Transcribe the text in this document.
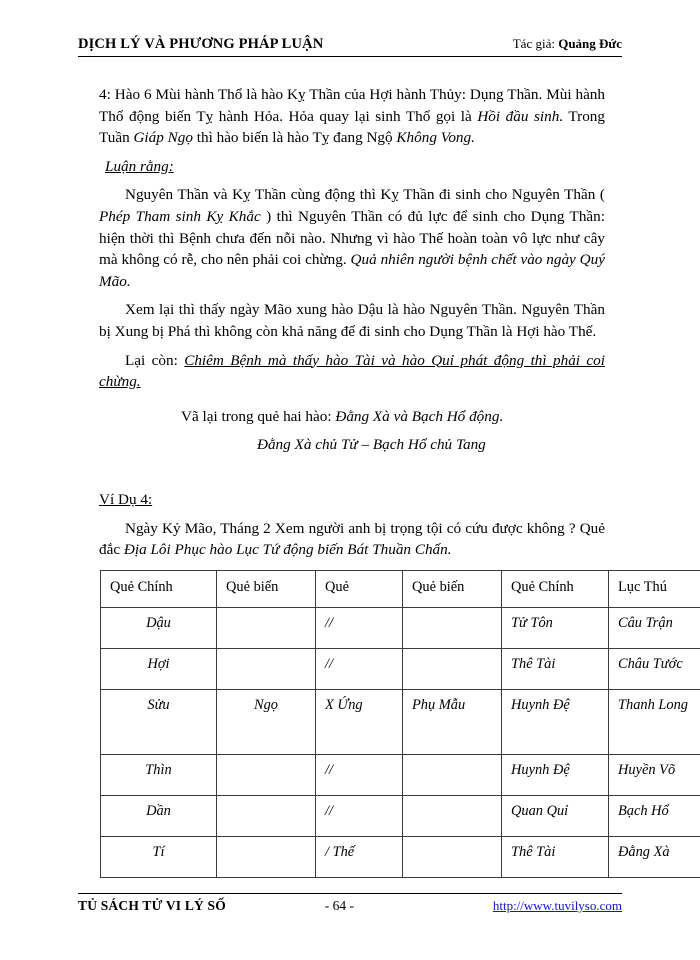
DỊCH LÝ VÀ PHƯƠNG PHÁP LUẬN	Tác giả: Quảng Đức

4: Hào 6 Mùi hành Thổ là hào Kỵ Thần của Hợi hành Thủy: Dụng Thần. Mùi hành Thổ động biến Tỵ hành Hỏa. Hỏa quay lại sinh Thổ gọi là Hồi đầu sinh. Trong Tuần Giáp Ngọ thì hào biến là hào Tỵ đang Ngộ Không Vong.

Luận rằng:

Nguyên Thần và Kỵ Thần cùng động thì Kỵ Thần đi sinh cho Nguyên Thần ( Phép Tham sinh Kỵ Khắc ) thì Nguyên Thần có đủ lực để sinh cho Dụng Thần: hiện thời thì Bệnh chưa đến nỗi nào. Nhưng vì hào Thế hoàn toàn vô lực như cây mà không có rễ, cho nên phải coi chừng. Quả nhiên người bệnh chết vào ngày Quý Mão.

Xem lại thì thấy ngày Mão xung hào Dậu là hào Nguyên Thần. Nguyên Thần bị Xung bị Phá thì không còn khả năng để đi sinh cho Dụng Thần là Hợi hào Thế.

Lại còn: Chiêm Bệnh mà thấy hào Tài và hào Quỉ phát động thì phải coi chừng.

Vã lại trong quẻ hai hào: Đằng Xà và Bạch Hổ động.

Đằng Xà chủ Tử – Bạch Hổ chủ Tang

Ví Dụ 4:

Ngày Kỷ Mão, Tháng 2 Xem người anh bị trọng tội có cứu được không ? Quẻ đắc Địa Lôi Phục hào Lục Tứ động biến Bát Thuần Chấn.

Quẻ Chính	Quẻ biến	Quẻ	Quẻ biến	Quẻ Chính	Lục Thú
Dậu		//		Tử Tôn	Câu Trận
Hợi		//		Thê Tài	Châu Tước
Sửu	Ngọ	X Ứng	Phụ Mẫu	Huynh Đệ	Thanh Long
Thìn		//		Huynh Đệ	Huyền Võ
Dần		//		Quan Quỉ	Bạch Hổ
Tí		/ Thế		Thê Tài	Đằng Xà
TỦ SÁCH TỬ VI LÝ SỐ	- 64 -	http://www.tuvilyso.com
